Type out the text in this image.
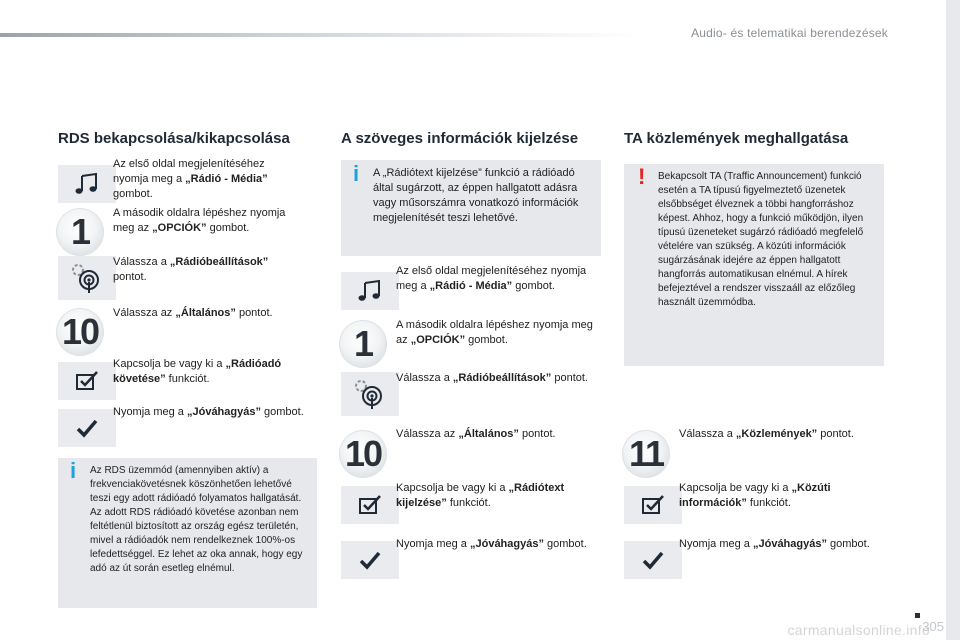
Audio- és telematikai berendezések
RDS bekapcsolása/kikapcsolása
Az első oldal megjelenítéséhez nyomja meg a „Rádió - Média” gombot.
1	A második oldalra lépéshez nyomja meg az „OPCIÓK” gombot.
Válassza a „Rádióbeállítások” pontot.
10	Válassza az „Általános” pontot.
Kapcsolja be vagy ki a „Rádióadó követése” funkciót.
Nyomja meg a „Jóváhagyás” gombot.
i Az RDS üzemmód (amennyiben aktív) a frekvenciakövetésnek köszönhetően lehetővé teszi egy adott rádióadó folyamatos hallgatását. Az adott RDS rádióadó követése azonban nem feltétlenül biztosított az ország egész területén, mivel a rádióadók nem rendelkeznek 100%-os lefedettséggel. Ez lehet az oka annak, hogy egy adó az út során esetleg elnémul.
A szöveges információk kijelzése
i A „Rádiótext kijelzése” funkció a rádióadó által sugárzott, az éppen hallgatott adásra vagy műsorszámra vonatkozó információk megjelenítését teszi lehetővé.
Az első oldal megjelenítéséhez nyomja meg a „Rádió - Média” gombot.
1	A második oldalra lépéshez nyomja meg az „OPCIÓK” gombot.
Válassza a „Rádióbeállítások” pontot.
10	Válassza az „Általános” pontot.
Kapcsolja be vagy ki a „Rádiótext kijelzése” funkciót.
Nyomja meg a „Jóváhagyás” gombot.
TA közlemények meghallgatása
! Bekapcsolt TA (Traffic Announcement) funkció esetén a TA típusú figyelmeztető üzenetek elsőbbséget élveznek a többi hangforráshoz képest. Ahhoz, hogy a funkció működjön, ilyen típusú üzeneteket sugárzó rádióadó megfelelő vételére van szükség. A közúti információk sugárzásának idejére az éppen hallgatott hangforrás automatikusan elnémul. A hírek befejeztével a rendszer visszaáll az előzőleg használt üzemmódba.
11	Válassza a „Közlemények” pontot.
Kapcsolja be vagy ki a „Közúti információk” funkciót.
Nyomja meg a „Jóváhagyás” gombot.
carmanualsonline.info
305
